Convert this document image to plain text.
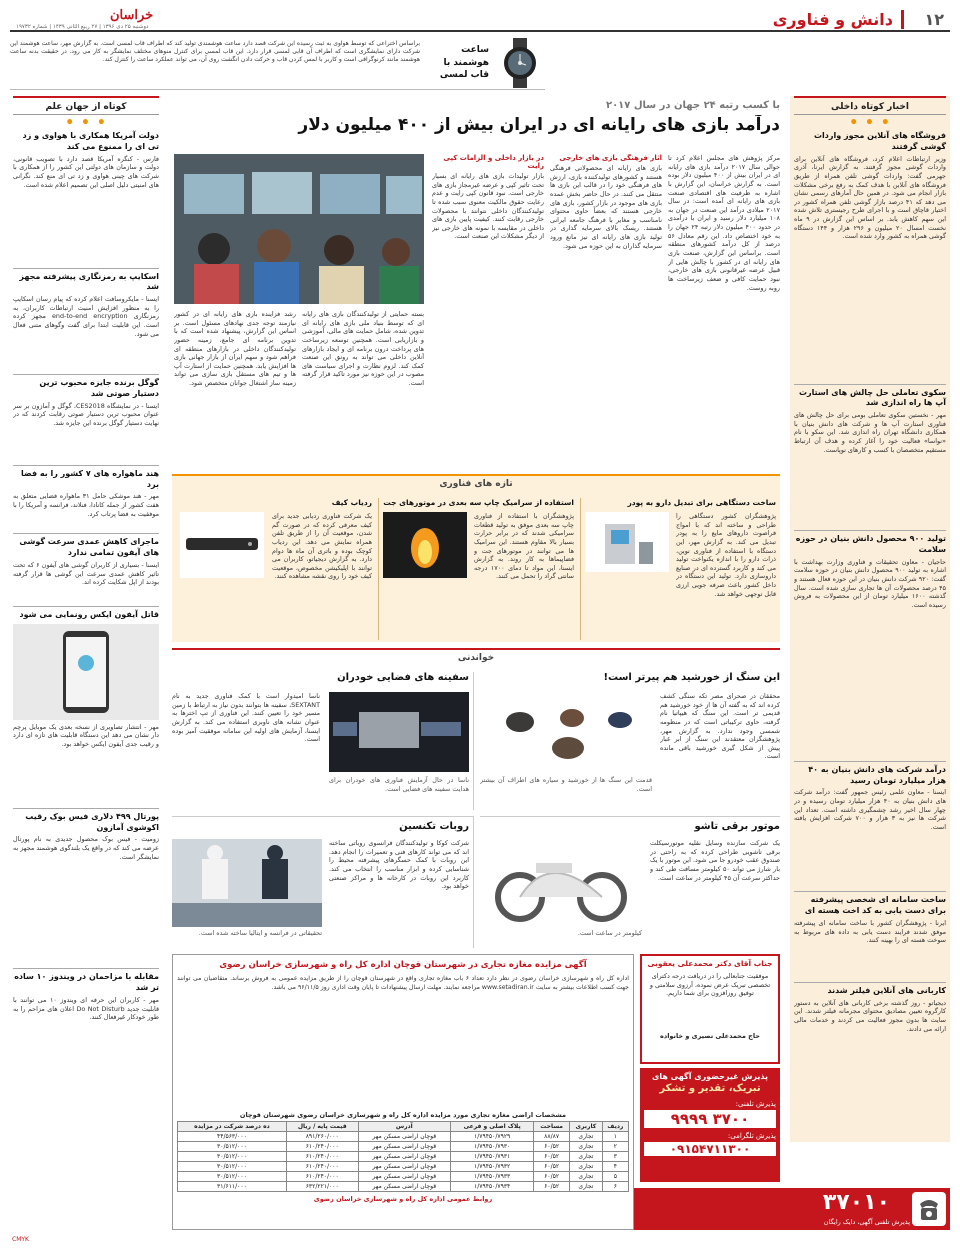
۱۲
دانش و فناوری
خراسان
دوشنبه ۲۵ دی ۱۳۹۶ | ۲۷ ربیع الثانی ۱۴۳۹ | شماره ۱۹۷۳۲
ساعت هوشمند با قاب لمسی
براساس اختراعی که توسط هواوی به ثبت رسیده این شرکت قصد دارد ساعت هوشمندی تولید کند که اطراف قاب لمسی است. به گزارش مهر، ساعت هوشمند این شرکت دارای نمایشگری است که اطراف آن قابی لمسی قرار دارد. این قاب لمسی برای کنترل منوهای مختلف نمایشگر به کار می رود. در حقیقت بدنه ساعت هوشمند مانند کرنوگرافی است و کاربر با لمس کردن قاب و حرکت دادن انگشت روی آن، می تواند عملکرد ساعت را کنترل کند.
اخبار کوتاه داخلی
• • •
فروشگاه های آنلاین مجوز واردات گوشی گرفتند
وزیر ارتباطات اعلام کرد، فروشگاه های آنلاین برای واردات گوشی مجوز گرفتند. به گزارش ایرنا، آذری جهرمی گفت: واردات گوشی تلفن همراه از طریق فروشگاه های آنلاین با هدف کمک به رفع برخی مشکلات بازار انجام می شود. در همین حال آمارهای رسمی نشان می دهد که ۴۱ درصد بازار گوشی تلفن همراه کشور در اختیار قاچاق است و با اجرای طرح رجیستری تلاش شده این سهم کاهش یابد. بر اساس این گزارش در ۹ ماه نخست امسال ۲۰ میلیون و ۲۹۶ هزار و ۱۴۴ دستگاه گوشی همراه به کشور وارد شده است.
سکوی تعاملی حل چالش های استارت آپ ها راه اندازی شد
مهر - نخستین سکوی تعاملی بومی برای حل چالش های فناوری استارت آپ ها و شرکت های دانش بنیان با همکاری دانشگاه تهران راه اندازی شد. این سکو با نام «نواسا» فعالیت خود را آغاز کرده و هدف آن ارتباط مستقیم متخصصان با کسب و کارهای نوپاست.
تولید ۹۰۰ محصول دانش بنیان در حوزه سلامت
حاجیان - معاون تحقیقات و فناوری وزارت بهداشت با اشاره به تولید ۹۰۰ محصول دانش بنیان در حوزه سلامت گفت: ۹۲۰ شرکت دانش بنیان در این حوزه فعال هستند و ۴۵ درصد محصولات آن ها تجاری سازی شده است. سال گذشته ۱۶۰۰ میلیارد تومان از این محصولات به فروش رسیده است.
درآمد شرکت های دانش بنیان به ۴۰ هزار میلیارد تومان رسید
ایسنا - معاون علمی رئیس جمهور گفت: درآمد شرکت های دانش بنیان به ۴۰ هزار میلیارد تومان رسیده و در چهار سال اخیر رشد چشمگیری داشته است. تعداد این شرکت ها نیز به ۳ هزار و ۷۰۰ شرکت افزایش یافته است.
ساخت سامانه ای شخصی پیشرفته برای دست یابی به کد اخت هسته ای
ایرنا - پژوهشگران کشور با ساخت سامانه ای پیشرفته موفق شدند فرایند دست یابی به داده های مربوط به سوخت هسته ای را بهینه کنند.
کاربانی های آنلاین فیلتر شدند
دیجیاتو - روز گذشته برخی کاربانی های آنلاین به دستور کارگروه تعیین مصادیق محتوای مجرمانه فیلتر شدند. این سایت ها بدون مجوز فعالیت می کردند و خدمات مالی ارائه می دادند.
کوتاه از جهان علم
• • •
دولت آمریکا همکاری با هواوی و زد تی ای را ممنوع می کند
فارس - کنگره آمریکا قصد دارد با تصویب قانونی، دولت و سازمان های دولتی این کشور را از همکاری با شرکت های چینی هواوی و زد تی ای منع کند. نگرانی های امنیتی دلیل اصلی این تصمیم اعلام شده است.
اسکایپ به رمزنگاری پیشرفته مجهز شد
ایسنا - مایکروسافت اعلام کرده که پیام رسان اسکایپ را به منظور افزایش امنیت ارتباطات کاربران، به رمزنگاری end-to-end encryption مجهز کرده است. این قابلیت ابتدا برای گفت وگوهای متنی فعال می شود.
گوگل برنده جایزه محبوب ترین دستیار صوتی شد
ایسنا - در نمایشگاه CES2018، گوگل و آمازون بر سر عنوان محبوب ترین دستیار صوتی رقابت کردند که در نهایت دستیار گوگل برنده این جایزه شد.
هند ماهواره های ۷ کشور را به فضا برد
مهر - هند موشکی حامل ۳۱ ماهواره فضایی متعلق به هفت کشور از جمله کانادا، فنلاند، فرانسه و آمریکا را با موفقیت به فضا پرتاب کرد.
ماجرای کاهش عمدی سرعت گوشی های آیفون تمامی ندارد
ایسنا - بسیاری از کاربران گوشی های آیفون ۶ که تحت تاثیر کاهش عمدی سرعت این گوشی ها قرار گرفته بودند از اپل شکایت کرده اند.
قاتل آیفون ایکس رونمایی می شود
مهر - انتشار تصاویری از نسخه بعدی یک موبایل پرچم دار نشان می دهد این دستگاه قابلیت های تازه ای دارد و رقیب جدی آیفون ایکس خواهد بود.
پورتال ۴۹۹ دلاری فیس بوک رقیب اکوشوی آمازون
زومیت - فیس بوک محصول جدیدی به نام پورتال عرضه می کند که در واقع یک بلندگوی هوشمند مجهز به نمایشگر است.
مقابله با مزاحمان در ویندوز ۱۰ ساده تر شد
مهر - کاربران این حرفه ای ویندوز ۱۰ می توانند با قابلیت جدید Do Not Disturb اعلان های مزاحم را به طور خودکار غیرفعال کنند.
با کسب رتبه ۲۴ جهان در سال ۲۰۱۷
درآمد بازی های رایانه ای در ایران بیش از ۴۰۰ میلیون دلار
مرکز پژوهش های مجلس اعلام کرد تا حوالی سال ۲۰۱۷ درآمد بازی های رایانه ای در ایران بیش از ۴۰۰ میلیون دلار بوده است. به گزارش خراسان، این گزارش با اشاره به ظرفیت های اقتصادی صنعت بازی های رایانه ای آمده است: در سال ۲۰۱۷ میلادی درآمد این صنعت در جهان به ۱۰۸ میلیارد دلار رسید و ایران با درآمدی در حدود ۴۰۰ میلیون دلار رتبه ۲۴ جهان را به خود اختصاص داد. این رقم معادل ۵۶ درصد از کل درآمد کشورهای منطقه است. براساس این گزارش، صنعت بازی های رایانه ای در کشور با چالش هایی از قبیل عرضه غیرقانونی بازی های خارجی، نبود حمایت کافی و ضعف زیرساخت ها روبه روست.
آثار فرهنگی بازی های خارجی
بازی های رایانه ای محصولاتی فرهنگی هستند و کشورهای تولیدکننده بازی، ارزش های فرهنگی خود را در قالب این بازی ها منتقل می کنند. در حال حاضر بخش عمده بازی های موجود در بازار کشور، بازی های خارجی هستند که بعضاً حاوی محتوای نامناسب و مغایر با فرهنگ جامعه ایرانی هستند. ریسک بالای سرمایه گذاری در تولید بازی های رایانه ای نیز مانع ورود سرمایه گذاران به این حوزه می شود.
در بازار داخلی و الزامات کپی رایت
بازار تولیدات بازی های رایانه ای بسیار تحت تاثیر کپی و عرضه غیرمجاز بازی های خارجی است. نبود قانون کپی رایت و عدم رعایت حقوق مالکیت معنوی سبب شده تا تولیدکنندگان داخلی نتوانند با محصولات خارجی رقابت کنند. کیفیت پایین بازی های داخلی در مقایسه با نمونه های خارجی نیز از دیگر مشکلات این صنعت است.
بسته حمایتی از تولیدکنندگان بازی های رایانه ای که توسط بنیاد ملی بازی های رایانه ای تدوین شده، شامل حمایت های مالی، آموزشی و بازاریابی است. همچنین توسعه زیرساخت های پرداخت درون برنامه ای و ایجاد بازارهای آنلاین داخلی می تواند به رونق این صنعت کمک کند. لزوم نظارت و اجرای سیاست های مصوب در این حوزه نیز مورد تاکید قرار گرفته است.
رشد فزاینده بازی های رایانه ای در کشور نیازمند توجه جدی نهادهای مسئول است. بر اساس این گزارش، پیشنهاد شده است که با تدوین برنامه ای جامع، زمینه حضور تولیدکنندگان داخلی در بازارهای منطقه ای فراهم شود و سهم ایران از بازار جهانی بازی ها افزایش یابد. همچنین حمایت از استارت آپ ها و تیم های مستقل بازی سازی می تواند زمینه ساز اشتغال جوانان متخصص شود.
تازه های فناوری
ساخت دستگاهی برای تبدیل دارو به پودر
پژوهشگران کشور دستگاهی را طراحی و ساخته اند که با امواج فراصوت داروهای مایع را به پودر تبدیل می کند. به گزارش مهر، این دستگاه با استفاده از فناوری نوین، ذرات دارو را با اندازه یکنواخت تولید می کند و کاربرد گسترده ای در صنایع داروسازی دارد. تولید این دستگاه در داخل کشور باعث صرفه جویی ارزی قابل توجهی خواهد شد.
استفاده از سرامیک چاپ سه بعدی در موتورهای جت
پژوهشگران با استفاده از فناوری چاپ سه بعدی موفق به تولید قطعات سرامیکی شدند که در برابر حرارت بسیار بالا مقاوم هستند. این سرامیک ها می توانند در موتورهای جت و فضاپیماها به کار روند. به گزارش ایسنا، این مواد تا دمای ۱۷۰۰ درجه سانتی گراد را تحمل می کنند.
ردیاب کیف
یک شرکت فناوری ردیابی جدید برای کیف معرفی کرده که در صورت گم شدن، موقعیت آن را از طریق تلفن همراه نمایش می دهد. این ردیاب کوچک بوده و باتری آن ماه ها دوام دارد. به گزارش دیجیاتو، کاربران می توانند با اپلیکیشن مخصوص، موقعیت کیف خود را روی نقشه مشاهده کنند.
خواندنی
این سنگ از خورشید هم پیرتر است!
محققان در صحرای مصر تکه سنگی کشف کرده اند که به گفته آن ها از خود خورشید هم قدیمی تر است. این سنگ که هیپاتیا نام گرفته، حاوی ترکیباتی است که در منظومه شمسی وجود ندارد. به گزارش مهر، پژوهشگران معتقدند این سنگ از ابر غبار پیش از شکل گیری خورشید باقی مانده است.
قدمت این سنگ ها از خورشید و سیاره های اطراف آن بیشتر است.
سفینه های فضایی خودران
ناسا امیدوار است با کمک فناوری جدید به نام SEXTANT، سفینه ها بتوانند بدون نیاز به ارتباط با زمین مسیر خود را تعیین کنند. این فناوری از تپ اخترها به عنوان نشانه های ناوبری استفاده می کند. به گزارش ایسنا، آزمایش های اولیه این سامانه موفقیت آمیز بوده است.
ناسا در حال آزمایش فناوری های خودران برای هدایت سفینه های فضایی است.
موتور برقی تاشو
یک شرکت سازنده وسایل نقلیه موتورسیکلت برقی تاشویی طراحی کرده که به راحتی در صندوق عقب خودرو جا می شود. این موتور با یک بار شارژ می تواند ۵۰ کیلومتر مسافت طی کند و حداکثر سرعت آن ۴۵ کیلومتر در ساعت است.
کیلومتر در ساعت است.
روبات تکنسین
شرکت کوکا و تولیدکنندگان فرانسوی روباتی ساخته اند که می تواند کارهای فنی و تعمیرات را انجام دهد. این روبات با کمک حسگرهای پیشرفته محیط را شناسایی کرده و ابزار مناسب را انتخاب می کند. کاربرد این روبات در کارخانه ها و مراکز صنعتی خواهد بود.
تحقیقاتی در فرانسه و ایتالیا ساخته شده است.
آگهی مزایده مغازه تجاری در شهرستان قوچان اداره کل راه و شهرسازی خراسان رضوی
اداره کل راه و شهرسازی خراسان رضوی در نظر دارد تعداد ۶ باب مغازه تجاری واقع در شهرستان قوچان را از طریق مزایده عمومی به فروش برساند. متقاضیان می توانند جهت کسب اطلاعات بیشتر به سایت www.setadiran.ir مراجعه نمایند. مهلت ارسال پیشنهادات تا پایان وقت اداری روز ۹۶/۱۱/۵ می باشد.
مشخصات اراضی مغازه تجاری مورد مزایده اداره کل راه و شهرسازی خراسان رضوی شهرستان قوچان
ردیف	کاربری	مساحت	پلاک اصلی و فرعی	آدرس	قیمت پایه / ریال	ده درصد شرکت در مزایده
۱	تجاری	۸۸/۸۷	۱/۷۹۴۵۰/۷۹۲۹	قوچان اراضی مسکن مهر	۸۹۱/۲۶۰/۰۰۰	۴۴/۵۶۳/۰۰۰
۲	تجاری	۶۰/۵۲	۱/۷۹۴۵۰/۷۹۳۰	قوچان اراضی مسکن مهر	۶۱۰/۲۴۰/۰۰۰	۳۰/۵۱۲/۰۰۰
۳	تجاری	۶۰/۵۲	۱/۷۹۴۵۰/۷۹۳۱	قوچان اراضی مسکن مهر	۶۱۰/۲۴۰/۰۰۰	۳۰/۵۱۲/۰۰۰
۴	تجاری	۶۰/۵۲	۱/۷۹۴۵۰/۷۹۳۲	قوچان اراضی مسکن مهر	۶۱۰/۲۴۰/۰۰۰	۳۰/۵۱۲/۰۰۰
۵	تجاری	۶۰/۵۲	۱/۷۹۴۵۰/۷۹۳۳	قوچان اراضی مسکن مهر	۶۱۰/۲۴۰/۰۰۰	۳۰/۵۱۲/۰۰۰
۶	تجاری	۶۰/۵۲	۱/۷۹۴۵۰/۷۹۳۴	قوچان اراضی مسکن مهر	۶۳۲/۲۲۱/۰۰۰	۳۱/۶۱۱/۰۰۰
روابط عمومی اداره کل راه و شهرسازی خراسان رضوی
جناب آقای دکتر محمدعلی یعقوبی
موفقیت جنابعالی را در دریافت درجه دکترای تخصصی تبریک عرض نموده، آرزوی سلامتی و توفیق روزافزون برای شما داریم.
حاج محمدعلی نصیری و خانواده
پذیرش غیرحضوری آگهی های
تبریک، تقدیر و تشکر
پذیرش تلفنی:
۳۷۰۰ ۹۹۹۹
پذیرش تلگرامی:
۰۹۱۵۴۷۱۱۳۰۰
۳۷۰۱۰
پذیرش تلفنی آگهی، دایک رایگان
CMYK
